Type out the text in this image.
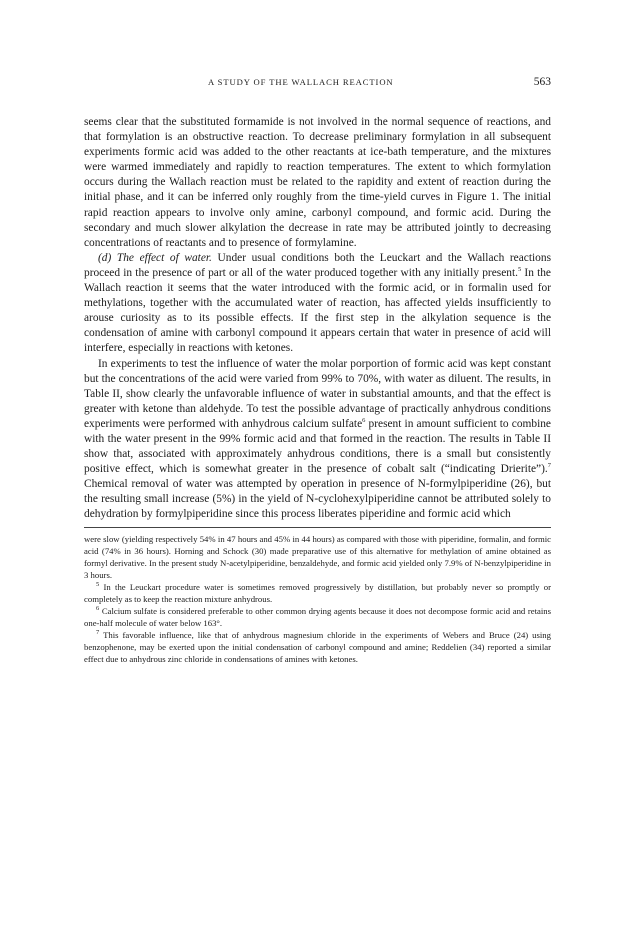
A STUDY OF THE WALLACH REACTION	563

seems clear that the substituted formamide is not involved in the normal sequence of reactions, and that formylation is an obstructive reaction. To decrease preliminary formylation in all subsequent experiments formic acid was added to the other reactants at ice-bath temperature, and the mixtures were warmed immediately and rapidly to reaction temperatures. The extent to which formylation occurs during the Wallach reaction must be related to the rapidity and extent of reaction during the initial phase, and it can be inferred only roughly from the time-yield curves in Figure 1. The initial rapid reaction appears to involve only amine, carbonyl compound, and formic acid. During the secondary and much slower alkylation the decrease in rate may be attributed jointly to decreasing concentrations of reactants and to presence of formylamine.

(d) The effect of water. Under usual conditions both the Leuckart and the Wallach reactions proceed in the presence of part or all of the water produced together with any initially present.$^5$ In the Wallach reaction it seems that the water introduced with the formic acid, or in formalin used for methylations, together with the accumulated water of reaction, has affected yields insufficiently to arouse curiosity as to its possible effects. If the first step in the alkylation sequence is the condensation of amine with carbonyl compound it appears certain that water in presence of acid will interfere, especially in reactions with ketones.

In experiments to test the influence of water the molar porportion of formic acid was kept constant but the concentrations of the acid were varied from 99% to 70%, with water as diluent. The results, in Table II, show clearly the unfavorable influence of water in substantial amounts, and that the effect is greater with ketone than aldehyde. To test the possible advantage of practically anhydrous conditions experiments were performed with anhydrous calcium sulfate$^6$ present in amount sufficient to combine with the water present in the 99% formic acid and that formed in the reaction. The results in Table II show that, associated with approximately anhydrous conditions, there is a small but consistently positive effect, which is somewhat greater in the presence of cobalt salt (“indicating Drierite”).$^7$ Chemical removal of water was attempted by operation in presence of N-formylpiperidine (26), but the resulting small increase (5%) in the yield of N-cyclohexylpiperidine cannot be attributed solely to dehydration by formylpiperidine since this process liberates piperidine and formic acid which

were slow (yielding respectively 54% in 47 hours and 45% in 44 hours) as compared with those with piperidine, formalin, and formic acid (74% in 36 hours). Horning and Schock (30) made preparative use of this alternative for methylation of amine obtained as formyl derivative. In the present study N-acetylpiperidine, benzaldehyde, and formic acid yielded only 7.9% of N-benzylpiperidine in 3 hours.

$^5$ In the Leuckart procedure water is sometimes removed progressively by distillation, but probably never so promptly or completely as to keep the reaction mixture anhydrous.

$^6$ Calcium sulfate is considered preferable to other common drying agents because it does not decompose formic acid and retains one-half molecule of water below 163°.

$^7$ This favorable influence, like that of anhydrous magnesium chloride in the experiments of Webers and Bruce (24) using benzophenone, may be exerted upon the initial condensation of carbonyl compound and amine; Reddelien (34) reported a similar effect due to anhydrous zinc chloride in condensations of amines with ketones.
